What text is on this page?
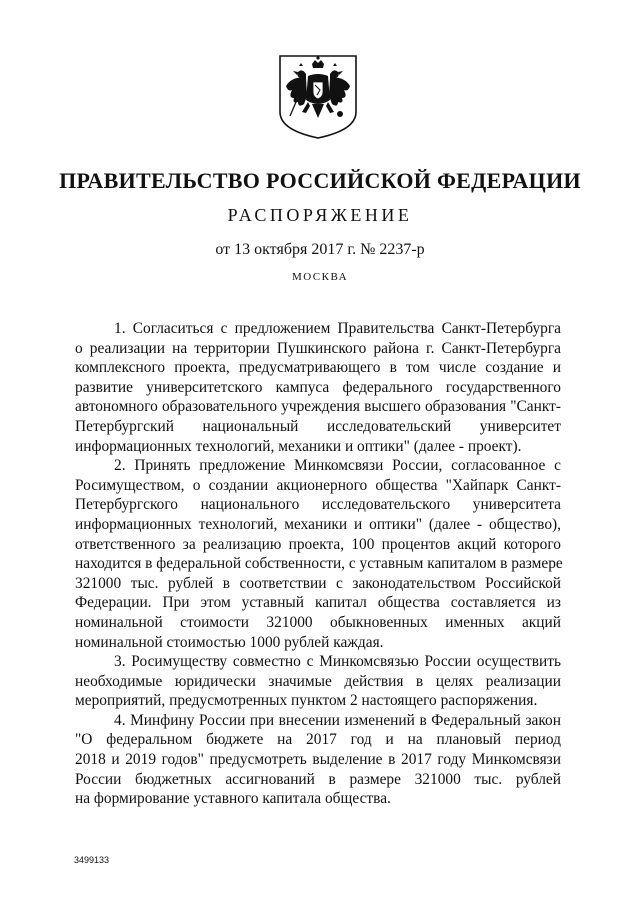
ПРАВИТЕЛЬСТВО РОССИЙСКОЙ ФЕДЕРАЦИИ
РАСПОРЯЖЕНИЕ
от 13 октября 2017 г. № 2237-р
МОСКВА

1. Согласиться с предложением Правительства Санкт-Петербурга
о реализации на территории Пушкинского района г. Санкт-Петербурга
комплексного проекта, предусматривающего в том числе создание и
развитие университетского кампуса федерального государственного
автономного образовательного учреждения высшего образования "Санкт-
Петербургский национальный исследовательский университет
информационных технологий, механики и оптики" (далее - проект).

2. Принять предложение Минкомсвязи России, согласованное с
Росимуществом, о создании акционерного общества "Хайпарк Санкт-
Петербургского национального исследовательского университета
информационных технологий, механики и оптики" (далее - общество),
ответственного за реализацию проекта, 100 процентов акций которого
находится в федеральной собственности, с уставным капиталом в размере
321000 тыс. рублей в соответствии с законодательством Российской
Федерации. При этом уставный капитал общества составляется из
номинальной стоимости 321000 обыкновенных именных акций
номинальной стоимостью 1000 рублей каждая.

3. Росимуществу совместно с Минкомсвязью России осуществить
необходимые юридически значимые действия в целях реализации
мероприятий, предусмотренных пунктом 2 настоящего распоряжения.

4. Минфину России при внесении изменений в Федеральный закон
"О федеральном бюджете на 2017 год и на плановый период
2018 и 2019 годов" предусмотреть выделение в 2017 году Минкомсвязи
России бюджетных ассигнований в размере 321000 тыс. рублей
на формирование уставного капитала общества.

3499133
